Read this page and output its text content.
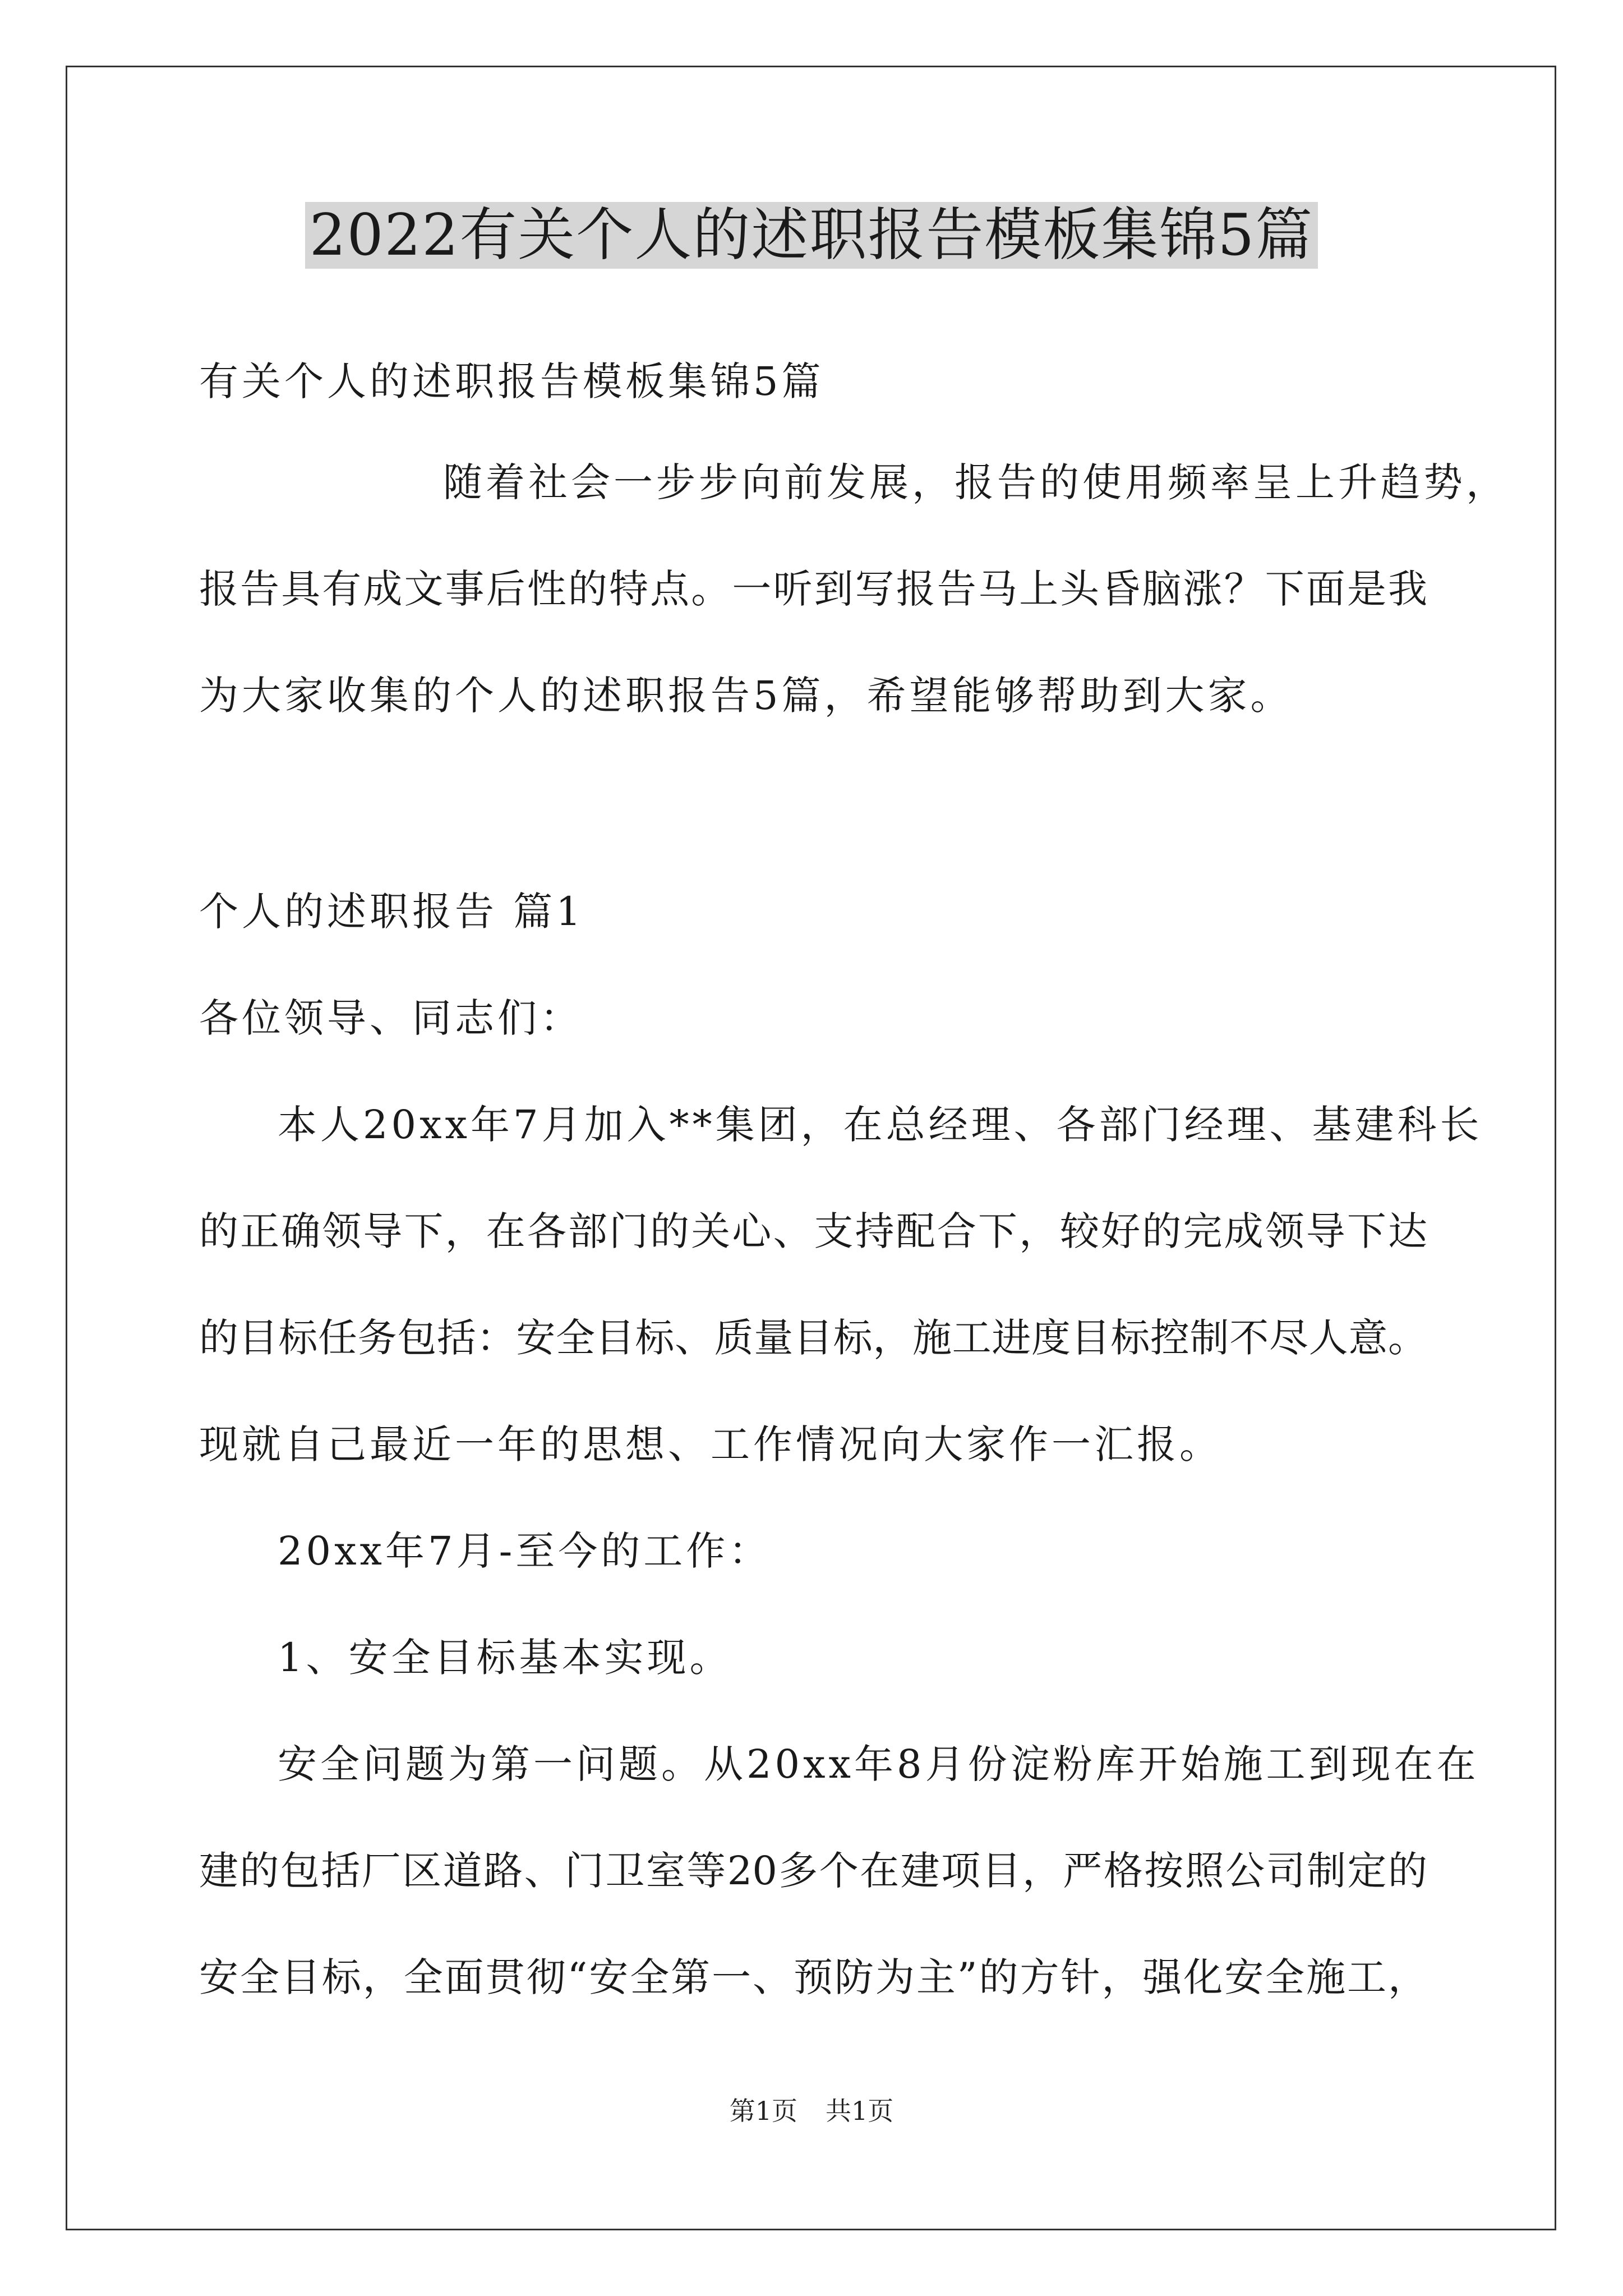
2022有关个人的述职报告模板集锦5篇
有关个人的述职报告模板集锦5篇
随着社会一步步向前发展，报告的使用频率呈上升趋势，
报告具有成文事后性的特点。一听到写报告马上头昏脑涨？下面是我
为大家收集的个人的述职报告5篇，希望能够帮助到大家。
个人的述职报告 篇1
各位领导、同志们：
本人20xx年7月加入**集团，在总经理、各部门经理、基建科长
的正确领导下，在各部门的关心、支持配合下，较好的完成领导下达
的目标任务包括：安全目标、质量目标，施工进度目标控制不尽人意。
现就自己最近一年的思想、工作情况向大家作一汇报。
20xx年7月-至今的工作：
1、安全目标基本实现。
安全问题为第一问题。从20xx年8月份淀粉库开始施工到现在在
建的包括厂区道路、门卫室等20多个在建项目，严格按照公司制定的
安全目标，全面贯彻“安全第一、预防为主”的方针，强化安全施工，
第1页 共1页
